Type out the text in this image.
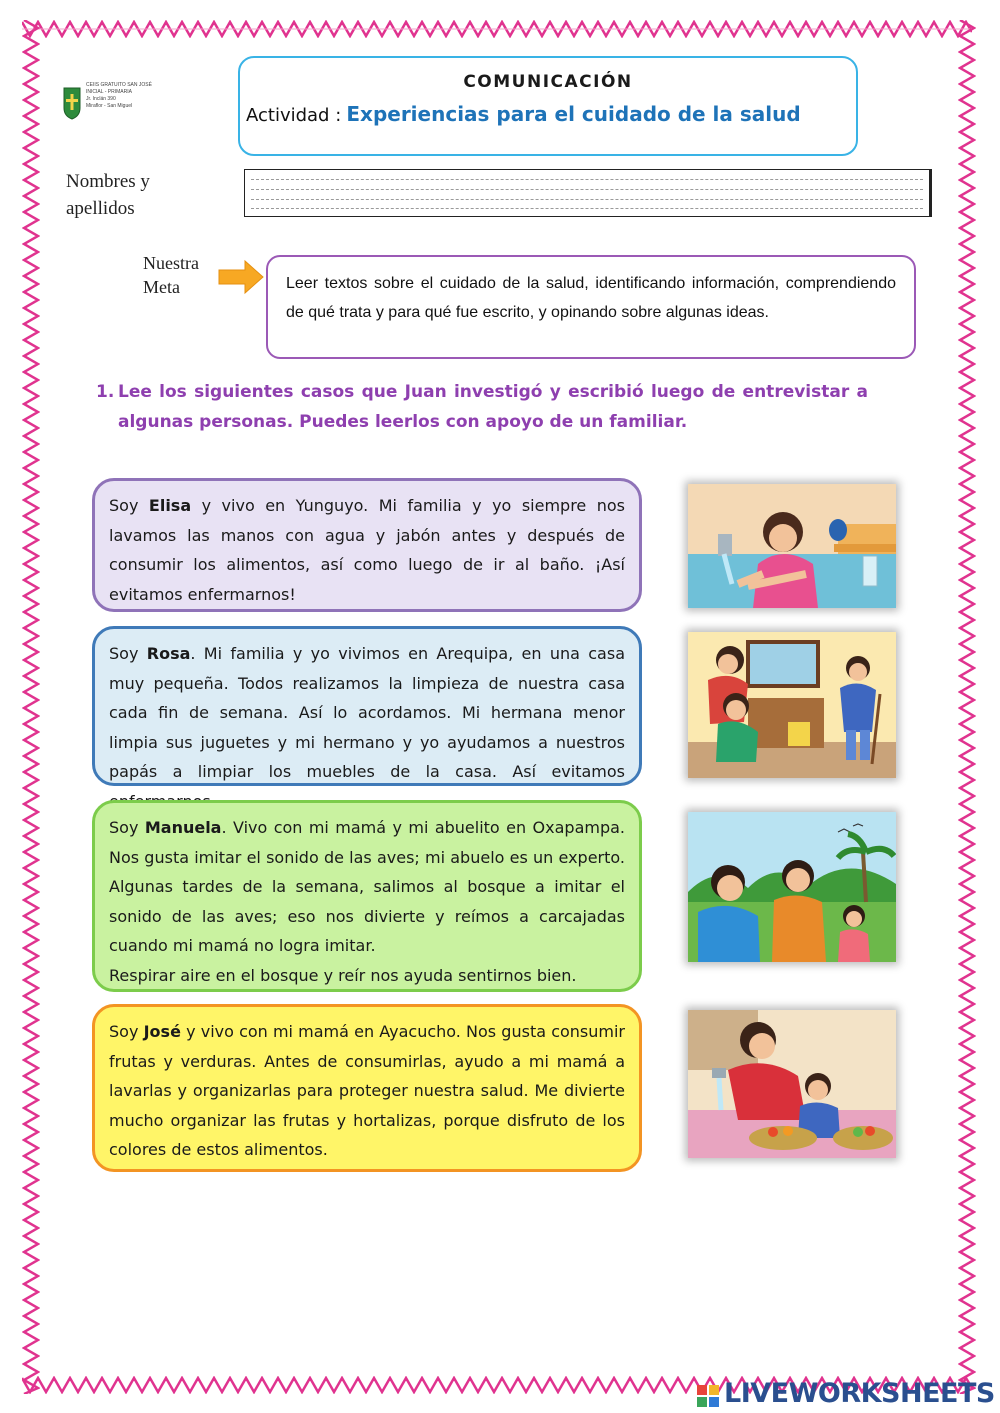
CEIIS GRATUITO SAN JOSÉ
INICIAL - PRIMARIA
Jr. Inclán 390
Miraflor - San Miguel
COMUNICACIÓN
Actividad : Experiencias para el cuidado de la salud
Nombres y apellidos
Nuestra Meta	Leer textos sobre el cuidado de la salud, identificando información, comprendiendo de qué trata y para qué fue escrito, y opinando sobre algunas ideas.
1. Lee los siguientes casos que Juan investigó y escribió luego de entrevistar a algunas personas. Puedes leerlos con apoyo de un familiar.
Soy Elisa y vivo en Yunguyo. Mi familia y yo siempre nos lavamos las manos con agua y jabón antes y después de consumir los alimentos, así como luego de ir al baño. ¡Así evitamos enfermarnos!
Soy Rosa. Mi familia y yo vivimos en Arequipa, en una casa muy pequeña. Todos realizamos la limpieza de nuestra casa cada fin de semana. Así lo acordamos. Mi hermana menor limpia sus juguetes y mi hermano y yo ayudamos a nuestros papás a limpiar los muebles de la casa. Así evitamos
Soy Manuela. Vivo con mi mamá y mi abuelito en Oxapampa. Nos gusta imitar el sonido de las aves; mi abuelo es un experto. Algunas tardes de la semana, salimos al bosque a imitar el sonido de las aves; eso nos divierte y reímos a carcajadas cuando mi mamá no logra imitar.
Respirar aire en el bosque y reír nos ayuda sentirnos bien.
Soy José y vivo con mi mamá en Ayacucho. Nos gusta consumir frutas y verduras. Antes de consumirlas, ayudo a mi mamá a lavarlas y organizarlas para proteger nuestra salud. Me divierte mucho organizar las frutas y hortalizas, porque disfruto de los colores de estos alimentos.
LIVEWORKSHEETS
